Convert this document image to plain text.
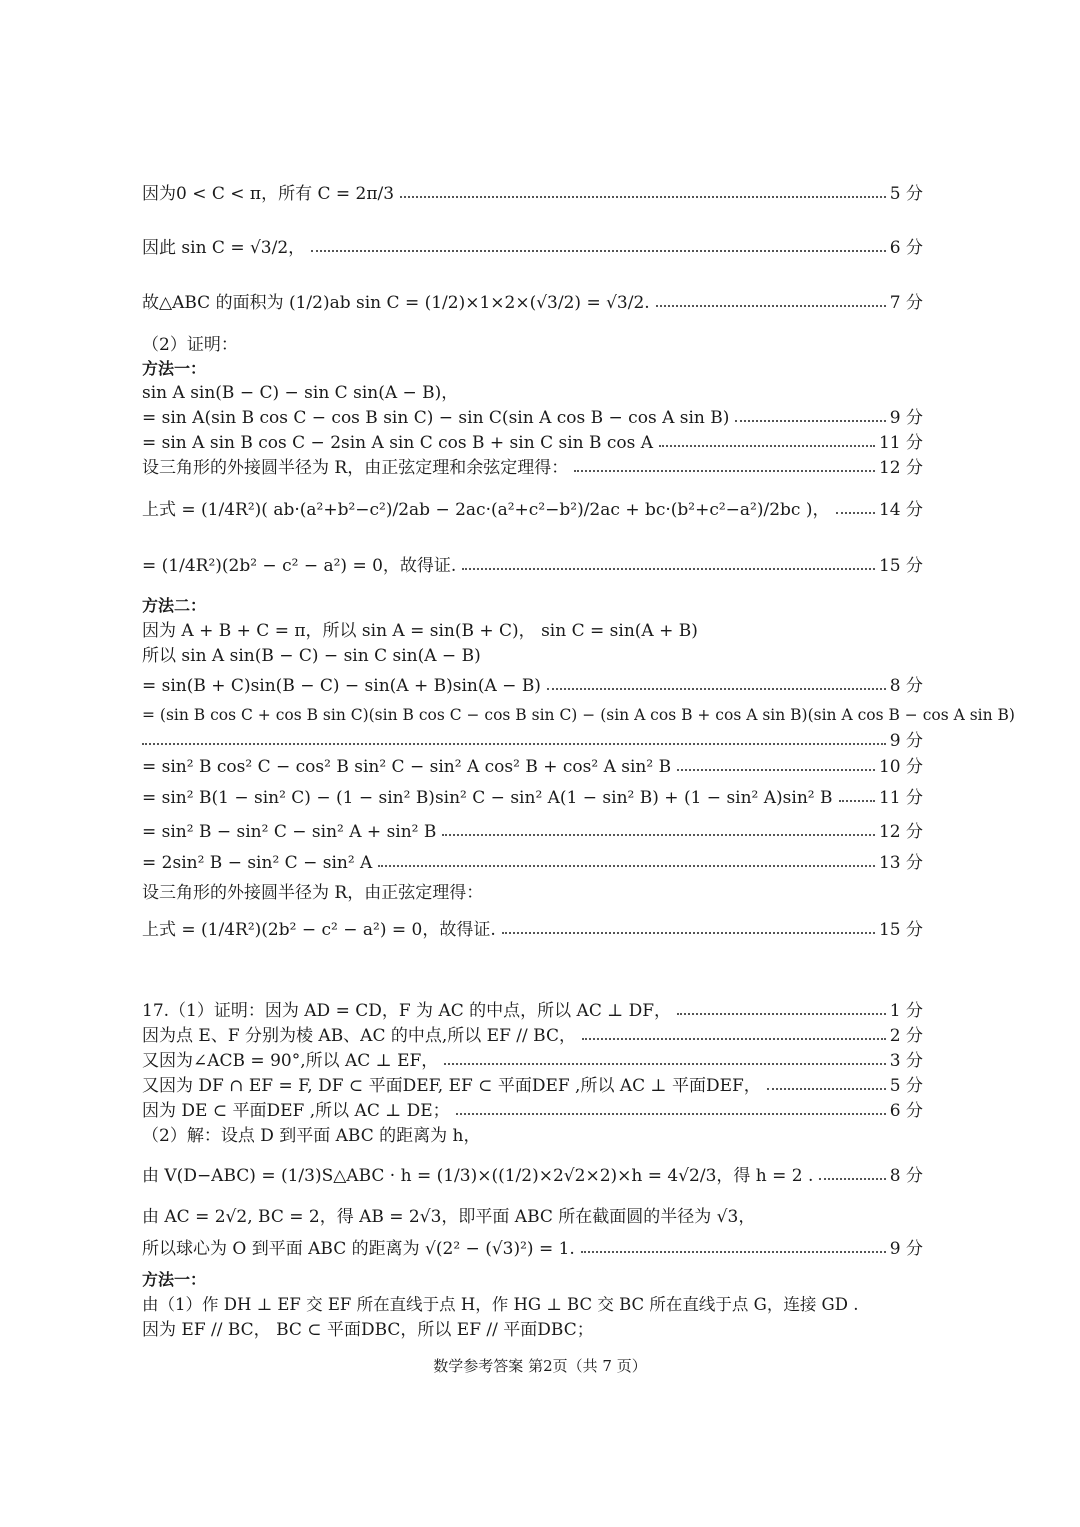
因为0 < C < π，所有 C = 2π/3	5 分
因此 sin C = √3/2，	6 分
故△ABC 的面积为 (1/2)ab sin C = (1/2)×1×2×(√3/2) = √3/2.	7 分
（2）证明：
方法一：
sin A sin(B − C) − sin C sin(A − B)，
= sin A(sin B cos C − cos B sin C) − sin C(sin A cos B − cos A sin B)	9 分
= sin A sin B cos C − 2sin A sin C cos B + sin C sin B cos A	11 分
设三角形的外接圆半径为 R，由正弦定理和余弦定理得：	12 分
上式 = (1/4R²)( ab·(a²+b²−c²)/2ab − 2ac·(a²+c²−b²)/2ac + bc·(b²+c²−a²)/2bc )，	14 分
= (1/4R²)(2b² − c² − a²) = 0，故得证.	15 分
方法二：
因为 A + B + C = π，所以 sin A = sin(B + C)， sin C = sin(A + B)
所以 sin A sin(B − C) − sin C sin(A − B)
= sin(B + C)sin(B − C) − sin(A + B)sin(A − B)	8 分
= (sin B cos C + cos B sin C)(sin B cos C − cos B sin C) − (sin A cos B + cos A sin B)(sin A cos B − cos A sin B)
9 分
= sin² B cos² C − cos² B sin² C − sin² A cos² B + cos² A sin² B	10 分
= sin² B(1 − sin² C) − (1 − sin² B)sin² C − sin² A(1 − sin² B) + (1 − sin² A)sin² B	11 分
= sin² B − sin² C − sin² A + sin² B	12 分
= 2sin² B − sin² C − sin² A	13 分
设三角形的外接圆半径为 R，由正弦定理得：
上式 = (1/4R²)(2b² − c² − a²) = 0，故得证.	15 分
17.（1）证明：因为 AD = CD，F 为 AC 的中点，所以 AC ⊥ DF，	1 分
因为点 E、F 分别为棱 AB、AC 的中点,所以 EF // BC，	2 分
又因为∠ACB = 90°,所以 AC ⊥ EF，	3 分
又因为 DF ∩ EF = F, DF ⊂ 平面DEF, EF ⊂ 平面DEF ,所以 AC ⊥ 平面DEF，	5 分
因为 DE ⊂ 平面DEF ,所以 AC ⊥ DE；	6 分
（2）解：设点 D 到平面 ABC 的距离为 h，
由 V(D−ABC) = (1/3)S△ABC · h = (1/3)×((1/2)×2√2×2)×h = 4√2/3，得 h = 2 .	8 分
由 AC = 2√2, BC = 2，得 AB = 2√3，即平面 ABC 所在截面圆的半径为 √3，
所以球心为 O 到平面 ABC 的距离为 √(2² − (√3)²) = 1.	9 分
方法一：
由（1）作 DH ⊥ EF 交 EF 所在直线于点 H，作 HG ⊥ BC 交 BC 所在直线于点 G，连接 GD .
因为 EF // BC， BC ⊂ 平面DBC，所以 EF // 平面DBC；
数学参考答案 第2页（共 7 页）
